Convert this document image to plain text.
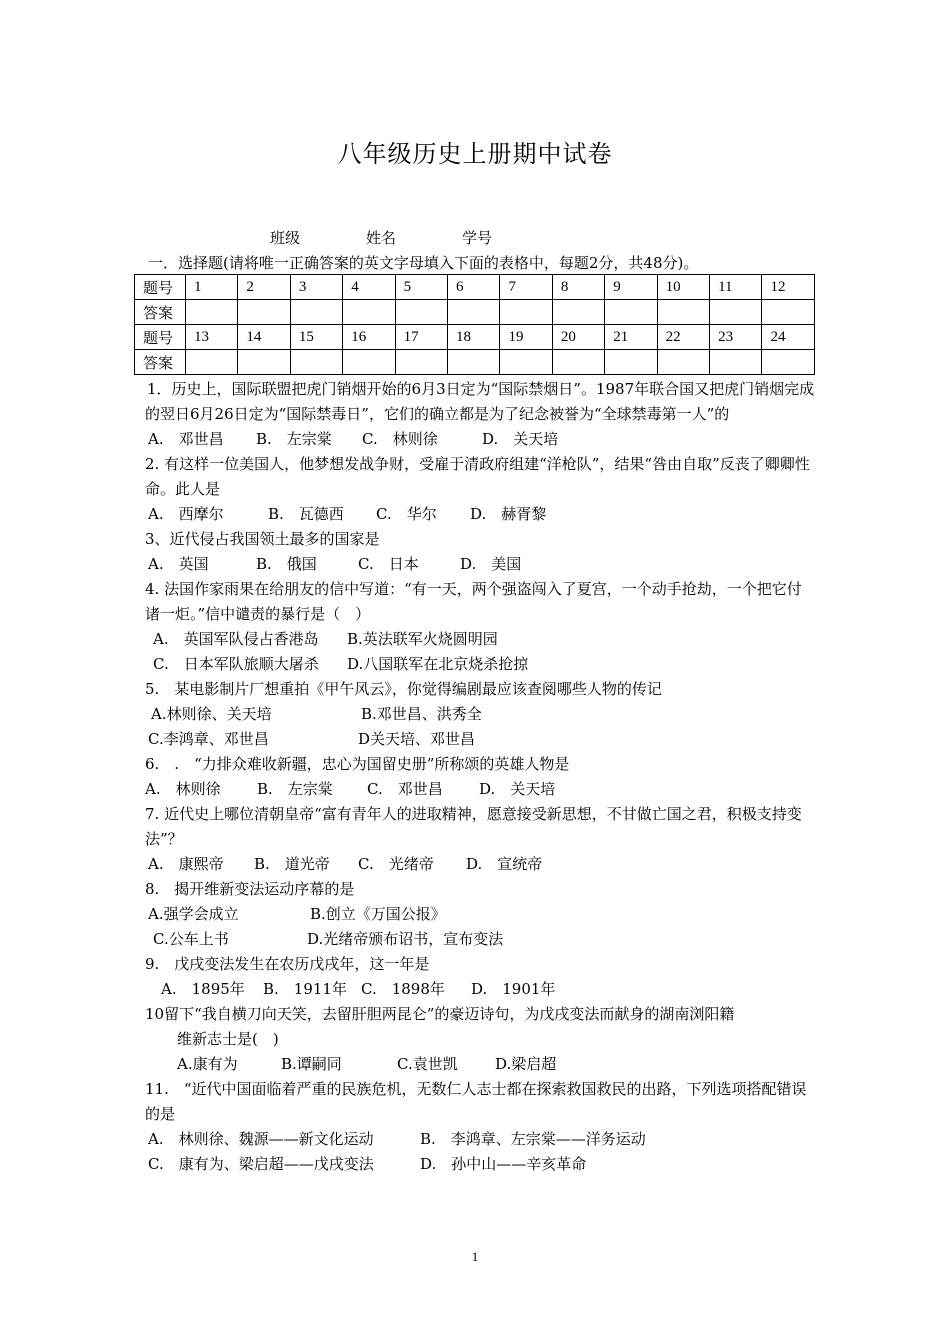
八年级历史上册期中试卷
班级	姓名	学号
一．选择题(请将唯一正确答案的英文字母填入下面的表格中，每题2分，共48分)。
题号	1	2	3	4	5	6	7	8	9	10	11	12
答案												
题号	13	14	15	16	17	18	19	20	21	22	23	24
答案												

1．历史上，国际联盟把虎门销烟开始的6月3日定为“国际禁烟日”。1987年联合国又把虎门销烟完成的翌日6月26日定为“国际禁毒日”，它们的确立都是为了纪念被誉为“全球禁毒第一人”的

A.　邓世昌 B.　左宗棠 C.　林则徐	D.　关天培

2. 有这样一位美国人，他梦想发战争财，受雇于清政府组建“洋枪队”，结果“咎由自取”反丧了卿卿性命。此人是

A.　西摩尔	B.　瓦德西 C.　华尔 D.　赫胥黎

3、近代侵占我国领土最多的国家是

A.　英国	B.　俄国	C.　日本	D.　美国

4. 法国作家雨果在给朋友的信中写道：“有一天，两个强盗闯入了夏宫，一个动手抢劫，一个把它付诸一炬。”信中谴责的暴行是（　）

A.　英国军队侵占香港岛 B.英法联军火烧圆明园
C.　日本军队旅顺大屠杀 D.八国联军在北京烧杀抢掠

5.　某电影制片厂想重拍《甲午风云》，你觉得编剧最应该查阅哪些人物的传记

A.林则徐、关天培	B.邓世昌、洪秀全
C.李鸿章、邓世昌	D关天培、邓世昌

6.　.　“力排众难收新疆，忠心为国留史册”所称颂的英雄人物是

A.　林则徐 B.　左宗棠 C.　邓世昌 D.　关天培

7. 近代史上哪位清朝皇帝“富有青年人的进取精神，愿意接受新思想，不甘做亡国之君，积极支持变法”？

A.　康熙帝 B.　道光帝 C.　光绪帝 D.　宣统帝

8.　揭开维新变法运动序幕的是

A.强学会成立	B.创立《万国公报》
C.公车上书	D.光绪帝颁布诏书，宣布变法

9.　戊戌变法发生在农历戊戌年，这一年是

A.　1895年 B.　1911年 C.　1898年 D.　1901年

10留下“我自横刀向天笑，去留肝胆两昆仑”的豪迈诗句，为戊戌变法而献身的湖南浏阳籍

维新志士是(　)

A.康有为	B.谭嗣同	C.袁世凯 D.梁启超

11.　“近代中国面临着严重的民族危机，无数仁人志士都在探索救国救民的出路，下列选项搭配错误的是

A.　林则徐、魏源——新文化运动	B.　李鸿章、左宗棠——洋务运动
C.　康有为、梁启超——戊戌变法	D.　孙中山——辛亥革命
1
